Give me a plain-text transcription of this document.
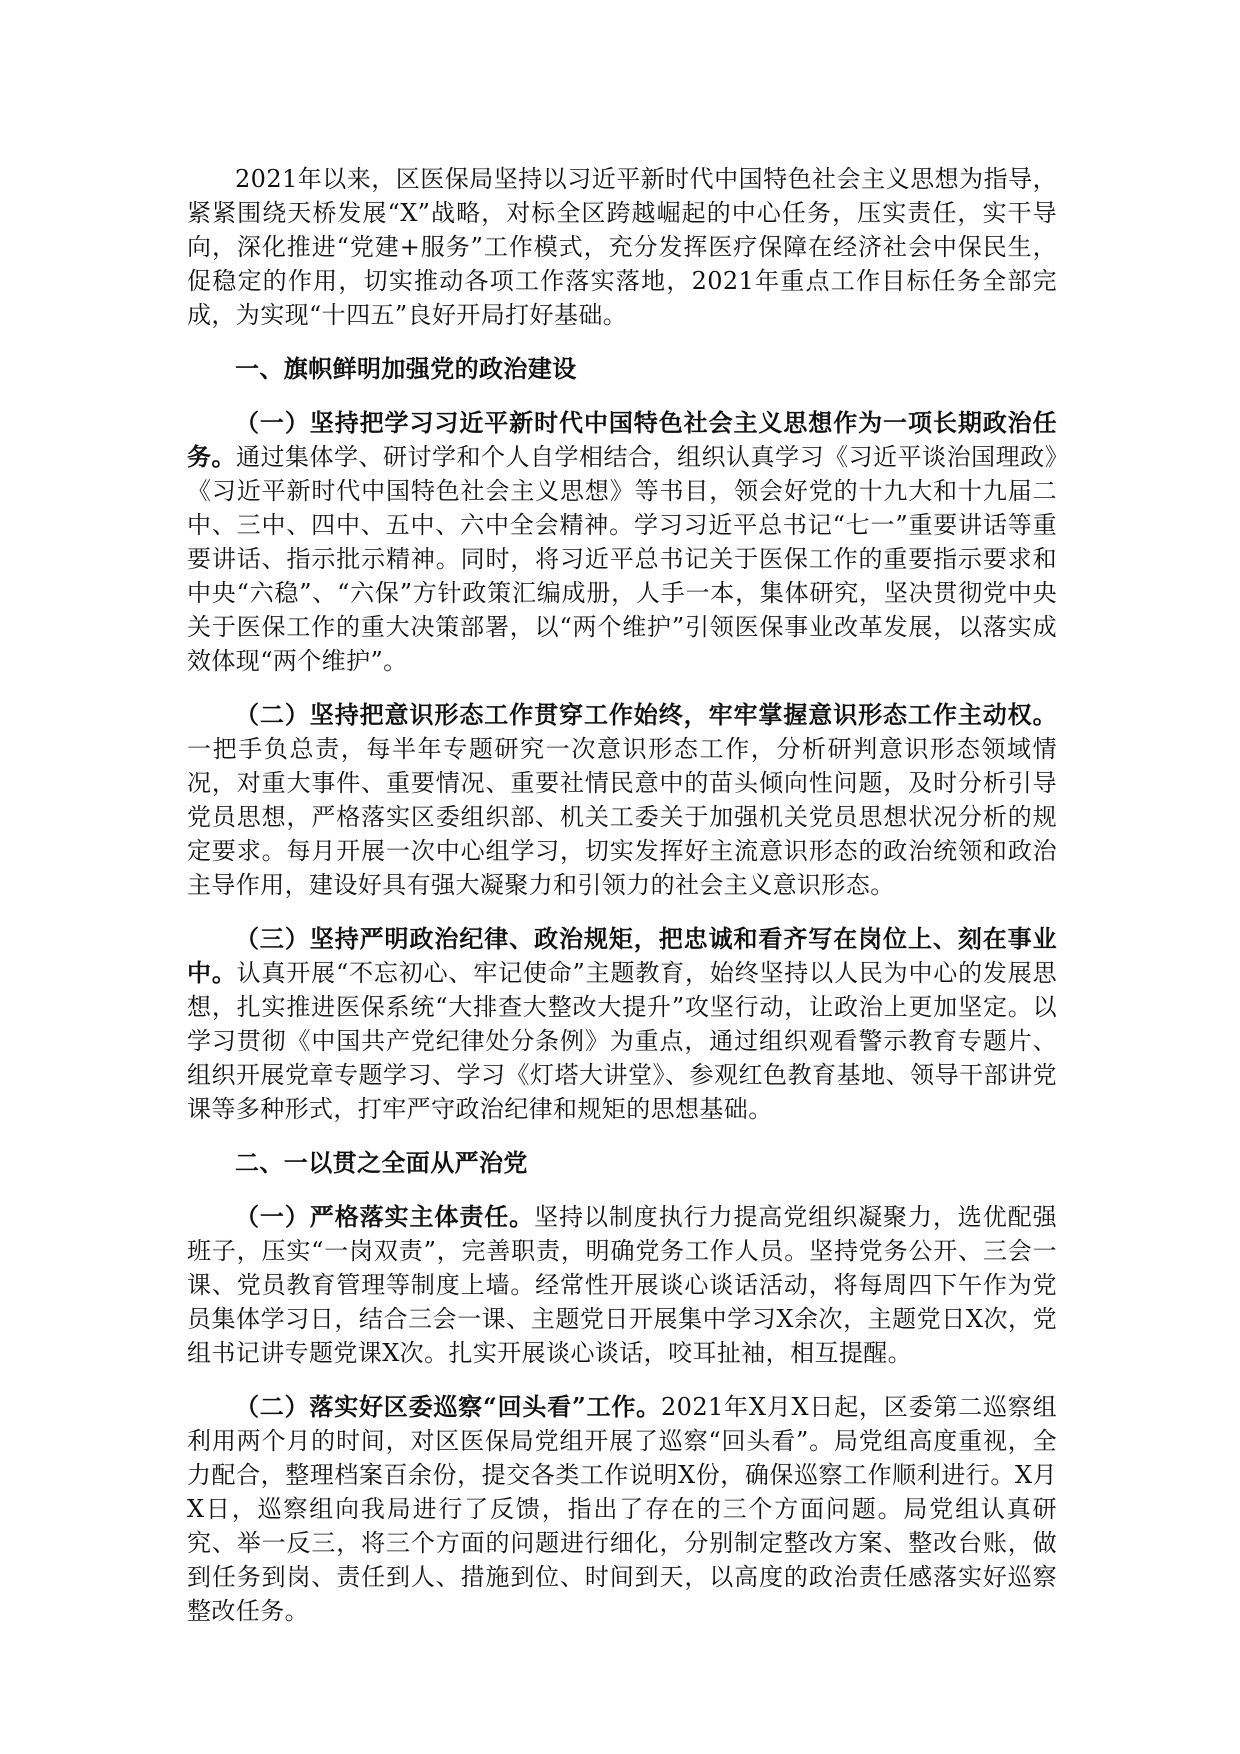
2021年以来，区医保局坚持以习近平新时代中国特色社会主义思想为指导，紧紧围绕天桥发展“X”战略，对标全区跨越崛起的中心任务，压实责任，实干导向，深化推进“党建+服务”工作模式，充分发挥医疗保障在经济社会中保民生，促稳定的作用，切实推动各项工作落实落地，2021年重点工作目标任务全部完成，为实现“十四五”良好开局打好基础。

一、旗帜鲜明加强党的政治建设

（一）坚持把学习习近平新时代中国特色社会主义思想作为一项长期政治任务。通过集体学、研讨学和个人自学相结合，组织认真学习《习近平谈治国理政》《习近平新时代中国特色社会主义思想》等书目，领会好党的十九大和十九届二中、三中、四中、五中、六中全会精神。学习习近平总书记“七一”重要讲话等重要讲话、指示批示精神。同时，将习近平总书记关于医保工作的重要指示要求和中央“六稳”、“六保”方针政策汇编成册，人手一本，集体研究，坚决贯彻党中央关于医保工作的重大决策部署，以“两个维护”引领医保事业改革发展，以落实成效体现“两个维护”。

（二）坚持把意识形态工作贯穿工作始终，牢牢掌握意识形态工作主动权。一把手负总责，每半年专题研究一次意识形态工作，分析研判意识形态领域情况，对重大事件、重要情况、重要社情民意中的苗头倾向性问题，及时分析引导党员思想，严格落实区委组织部、机关工委关于加强机关党员思想状况分析的规定要求。每月开展一次中心组学习，切实发挥好主流意识形态的政治统领和政治主导作用，建设好具有强大凝聚力和引领力的社会主义意识形态。

（三）坚持严明政治纪律、政治规矩，把忠诚和看齐写在岗位上、刻在事业中。认真开展“不忘初心、牢记使命”主题教育，始终坚持以人民为中心的发展思想，扎实推进医保系统“大排查大整改大提升”攻坚行动，让政治上更加坚定。以学习贯彻《中国共产党纪律处分条例》为重点，通过组织观看警示教育专题片、组织开展党章专题学习、学习《灯塔大讲堂》、参观红色教育基地、领导干部讲党课等多种形式，打牢严守政治纪律和规矩的思想基础。

二、一以贯之全面从严治党

（一）严格落实主体责任。坚持以制度执行力提高党组织凝聚力，选优配强班子，压实“一岗双责”，完善职责，明确党务工作人员。坚持党务公开、三会一课、党员教育管理等制度上墙。经常性开展谈心谈话活动，将每周四下午作为党员集体学习日，结合三会一课、主题党日开展集中学习X余次，主题党日X次，党组书记讲专题党课X次。扎实开展谈心谈话，咬耳扯袖，相互提醒。

（二）落实好区委巡察“回头看”工作。2021年X月X日起，区委第二巡察组利用两个月的时间，对区医保局党组开展了巡察“回头看”。局党组高度重视，全力配合，整理档案百余份，提交各类工作说明X份，确保巡察工作顺利进行。X月X日，巡察组向我局进行了反馈，指出了存在的三个方面问题。局党组认真研究、举一反三，将三个方面的问题进行细化，分别制定整改方案、整改台账，做到任务到岗、责任到人、措施到位、时间到天，以高度的政治责任感落实好巡察整改任务。
